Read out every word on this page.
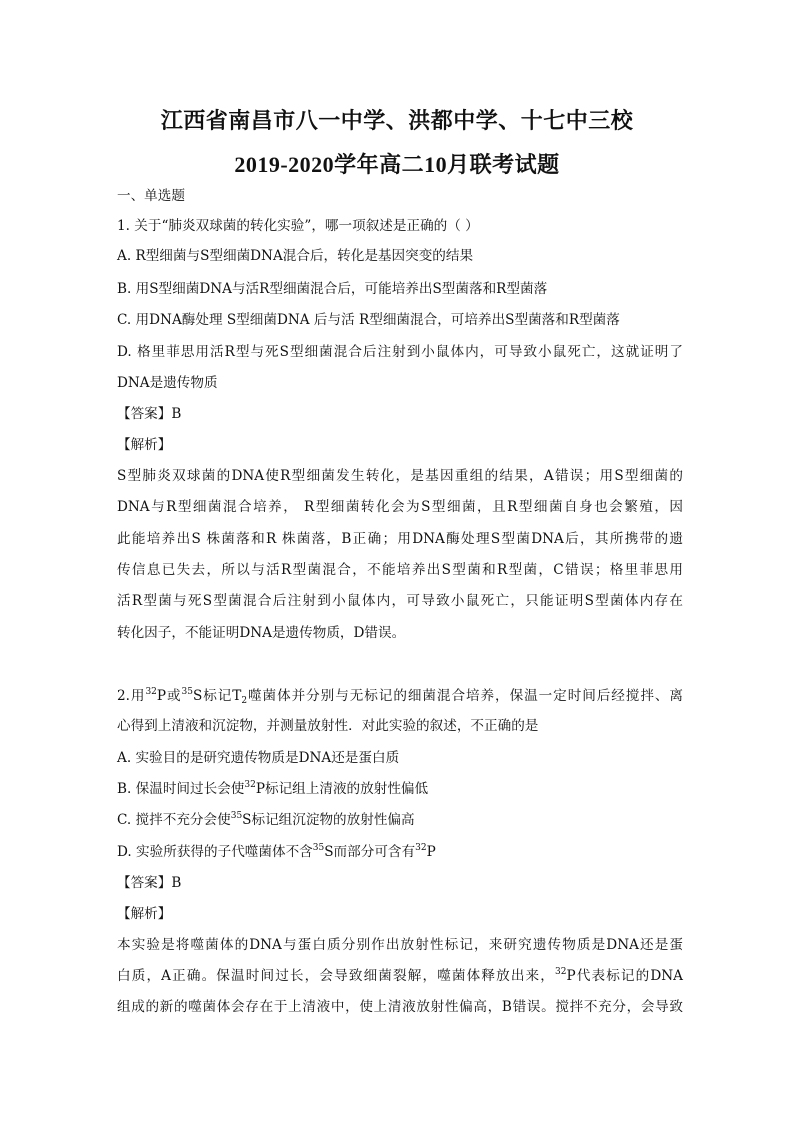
江西省南昌市八一中学、洪都中学、十七中三校
2019-2020学年高二10月联考试题
一、单选题
1. 关于“肺炎双球菌的转化实验”，哪一项叙述是正确的（ ）
A. R型细菌与S型细菌DNA混合后，转化是基因突变的结果
B. 用S型细菌DNA与活R型细菌混合后，可能培养出S型菌落和R型菌落
C. 用DNA酶处理 S型细菌DNA 后与活 R型细菌混合，可培养出S型菌落和R型菌落
D. 格里菲思用活R型与死S型细菌混合后注射到小鼠体内，可导致小鼠死亡，这就证明了
DNA是遗传物质
【答案】B
【解析】
S型肺炎双球菌的DNA使R型细菌发生转化，是基因重组的结果，A错误；用S型细菌的
DNA与R型细菌混合培养， R型细菌转化会为S型细菌，且R型细菌自身也会繁殖，因
此能培养出S 株菌落和R 株菌落，B正确；用DNA酶处理S型菌DNA后，其所携带的遗
传信息已失去，所以与活R型菌混合，不能培养出S型菌和R型菌，C错误；格里菲思用
活R型菌与死S型菌混合后注射到小鼠体内，可导致小鼠死亡，只能证明S型菌体内存在
转化因子，不能证明DNA是遗传物质，D错误。
2.用$^{32}$P或$^{35}$S标记$T_2$噬菌体并分别与无标记的细菌混合培养，保温一定时间后经搅拌、离
心得到上清液和沉淀物，并测量放射性．对此实验的叙述，不正确的是
A. 实验目的是研究遗传物质是DNA还是蛋白质
B. 保温时间过长会使$^{32}$P标记组上清液的放射性偏低
C. 搅拌不充分会使$^{35}$S标记组沉淀物的放射性偏高
D. 实验所获得的子代噬菌体不含$^{35}$S而部分可含有$^{32}$P
【答案】B
【解析】
本实验是将噬菌体的DNA与蛋白质分别作出放射性标记，来研究遗传物质是DNA还是蛋
白质，A正确。保温时间过长，会导致细菌裂解，噬菌体释放出来，$^{32}$P代表标记的DNA
组成的新的噬菌体会存在于上清液中，使上清液放射性偏高，B错误。搅拌不充分，会导致
